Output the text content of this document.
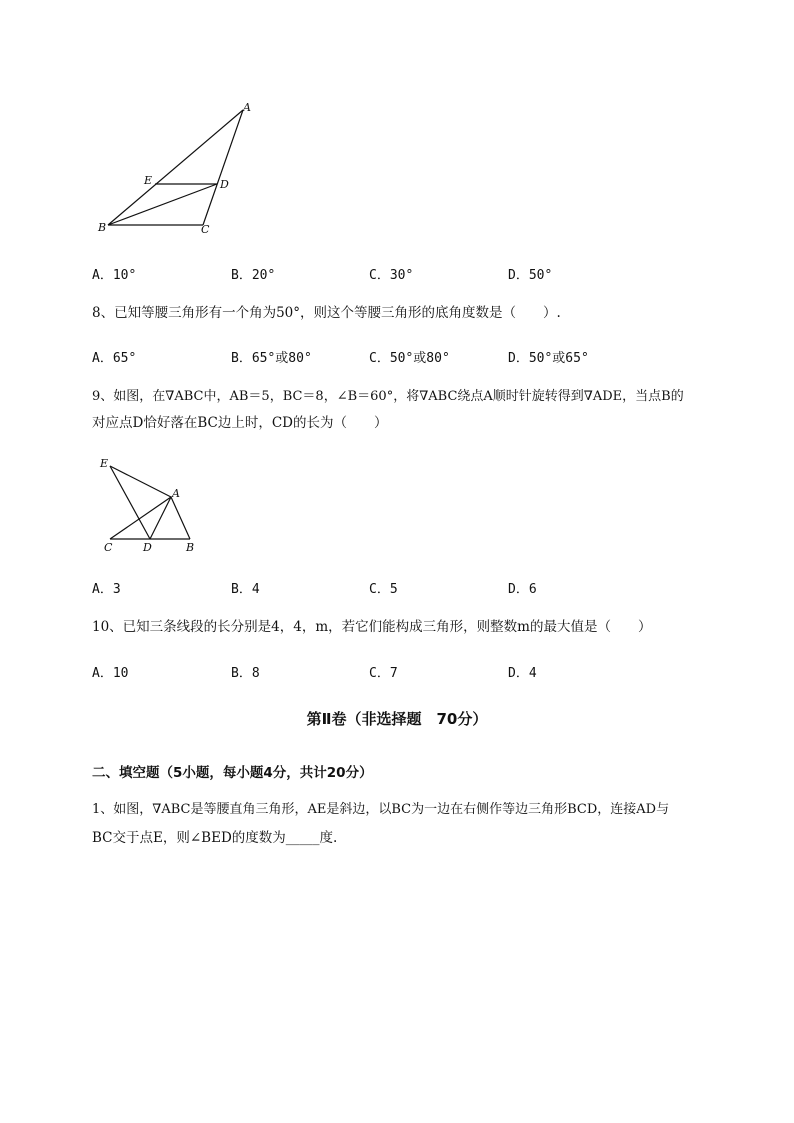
A
E	D
B	C
A．10°	B．20°	C．30°	D．50°
8、已知等腰三角形有一个角为50°，则这个等腰三角形的底角度数是（　　）.
A．65°	B．65°或80°	C．50°或80°	D．50°或65°
9、如图，在∇ABC中，AB＝5，BC＝8，∠B＝60°，将∇ABC绕点A顺时针旋转得到∇ADE，当点B的
对应点D恰好落在BC边上时，CD的长为（　　）
E
A
C	D	B
A．3	B．4	C．5	D．6
10、已知三条线段的长分别是4，4，m，若它们能构成三角形，则整数m的最大值是（　　）
A．10	B．8	C．7	D．4
第Ⅱ卷（非选择题　70分）
二、填空题（5小题，每小题4分，共计20分）
1、如图，∇ABC是等腰直角三角形，AE是斜边，以BC为一边在右侧作等边三角形BCD，连接AD与
BC交于点E，则∠BED的度数为_____度.
